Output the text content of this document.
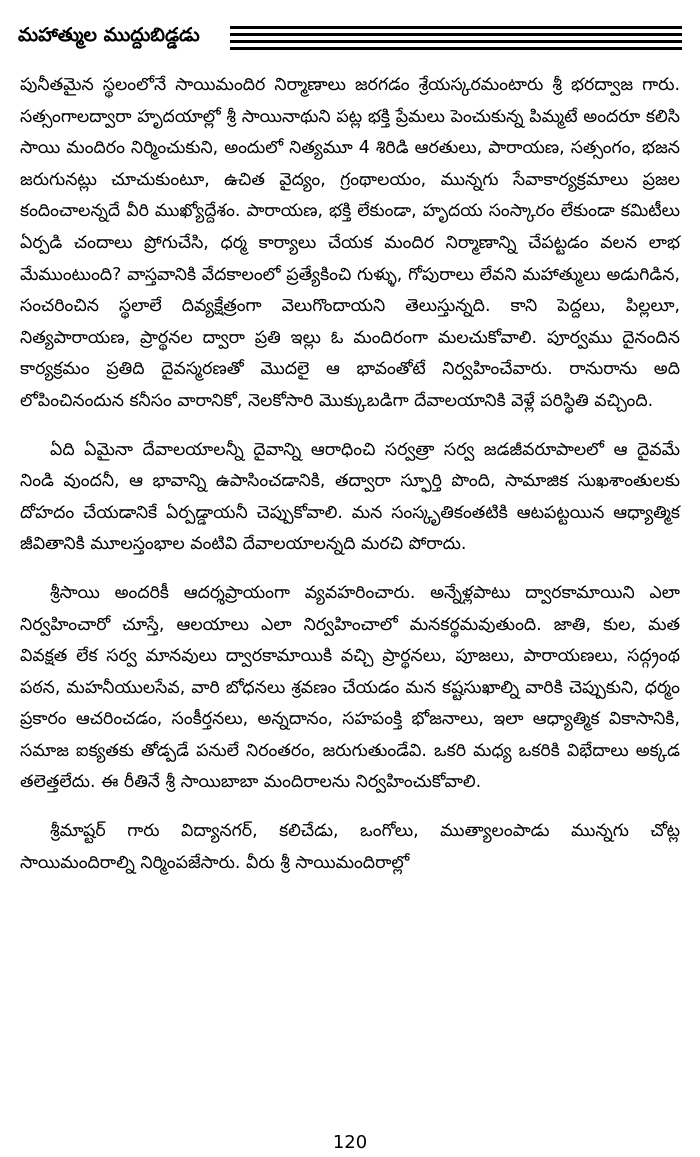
మహాత్ముల ముద్దుబిడ్డడు

పునీతమైన స్థలంలోనే సాయిమందిర నిర్మాణాలు జరగడం శ్రేయస్కరమంటారు శ్రీ భరద్వాజ గారు. సత్సంగాలద్వారా హృదయాల్లో శ్రీ సాయినాథుని పట్ల భక్తి ప్రేమలు పెంచుకున్న పిమ్మటే అందరూ కలిసి సాయి మందిరం నిర్మించుకుని, అందులో నిత్యమూ 4 శిరిడి ఆరతులు, పారాయణ, సత్సంగం, భజన జరుగునట్లు చూచుకుంటూ, ఉచిత వైద్యం, గ్రంథాలయం, మున్నగు సేవాకార్యక్రమాలు ప్రజల కందించాలన్నదే వీరి ముఖ్యోద్దేశం. పారాయణ, భక్తి లేకుండా, హృదయ సంస్కారం లేకుండా కమిటీలు ఏర్పడి చందాలు ప్రోగుచేసి, ధర్మ కార్యాలు చేయక మందిర నిర్మాణాన్ని చేపట్టడం వలన లాభ మేముంటుంది? వాస్తవానికి వేదకాలంలో ప్రత్యేకించి గుళ్ళు, గోపురాలు లేవని మహాత్ములు అడుగిడిన, సంచరించిన స్థలాలే దివ్యక్షేత్రంగా వెలుగొందాయని తెలుస్తున్నది. కాని పెద్దలు, పిల్లలూ, నిత్యపారాయణ, ప్రార్థనల ద్వారా ప్రతి ఇల్లు ఓ మందిరంగా మలచుకోవాలి. పూర్వము దైనందిన కార్యక్రమం ప్రతిది దైవస్మరణతో మొదలై ఆ భావంతోటే నిర్వహించేవారు. రానురాను అది లోపించినందున కనీసం వారానికో, నెలకోసారి మొక్కుబడిగా దేవాలయానికి వెళ్లే పరిస్థితి వచ్చింది.

ఏది ఏమైనా దేవాలయాలన్నీ దైవాన్ని ఆరాధించి సర్వత్రా సర్వ జడజీవరూపాలలో ఆ దైవమే నిండి వుందనీ, ఆ భావాన్ని ఉపాసించడానికి, తద్వారా స్ఫూర్తి పొంది, సామాజిక సుఖశాంతులకు దోహదం చేయడానికే ఏర్పడ్డాయనీ చెప్పుకోవాలి. మన సంస్కృతికంతటికి ఆటపట్టయిన ఆధ్యాత్మిక జీవితానికి మూలస్తంభాల వంటివి దేవాలయాలన్నది మరచి పోరాదు.

శ్రీసాయి అందరికీ ఆదర్శప్రాయంగా వ్యవహరించారు. అన్నేళ్లపాటు ద్వారకామాయిని ఎలా నిర్వహించారో చూస్తే, ఆలయాలు ఎలా నిర్వహించాలో మనకర్థమవుతుంది. జాతి, కుల, మత వివక్షత లేక సర్వ మానవులు ద్వారకామాయికి వచ్చి ప్రార్థనలు, పూజలు, పారాయణలు, సద్గ్రంథ పఠన, మహనీయులసేవ, వారి బోధనలు శ్రవణం చేయడం మన కష్టసుఖాల్ని వారికి చెప్పుకుని, ధర్మం ప్రకారం ఆచరించడం, సంకీర్తనలు, అన్నదానం, సహపంక్తి భోజనాలు, ఇలా ఆధ్యాత్మిక వికాసానికి, సమాజ ఐక్యతకు తోడ్పడే పనులే నిరంతరం, జరుగుతుండేవి. ఒకరి మధ్య ఒకరికి విభేదాలు అక్కడ తలెత్తలేదు. ఈ రీతినే శ్రీ సాయిబాబా మందిరాలను నిర్వహించుకోవాలి.

శ్రీమాష్టర్ గారు విద్యానగర్, కలిచేడు, ఒంగోలు, ముత్యాలంపాడు మున్నగు చోట్ల సాయిమందిరాల్ని నిర్మింపజేసారు. వీరు శ్రీ సాయిమందిరాల్లో

120
